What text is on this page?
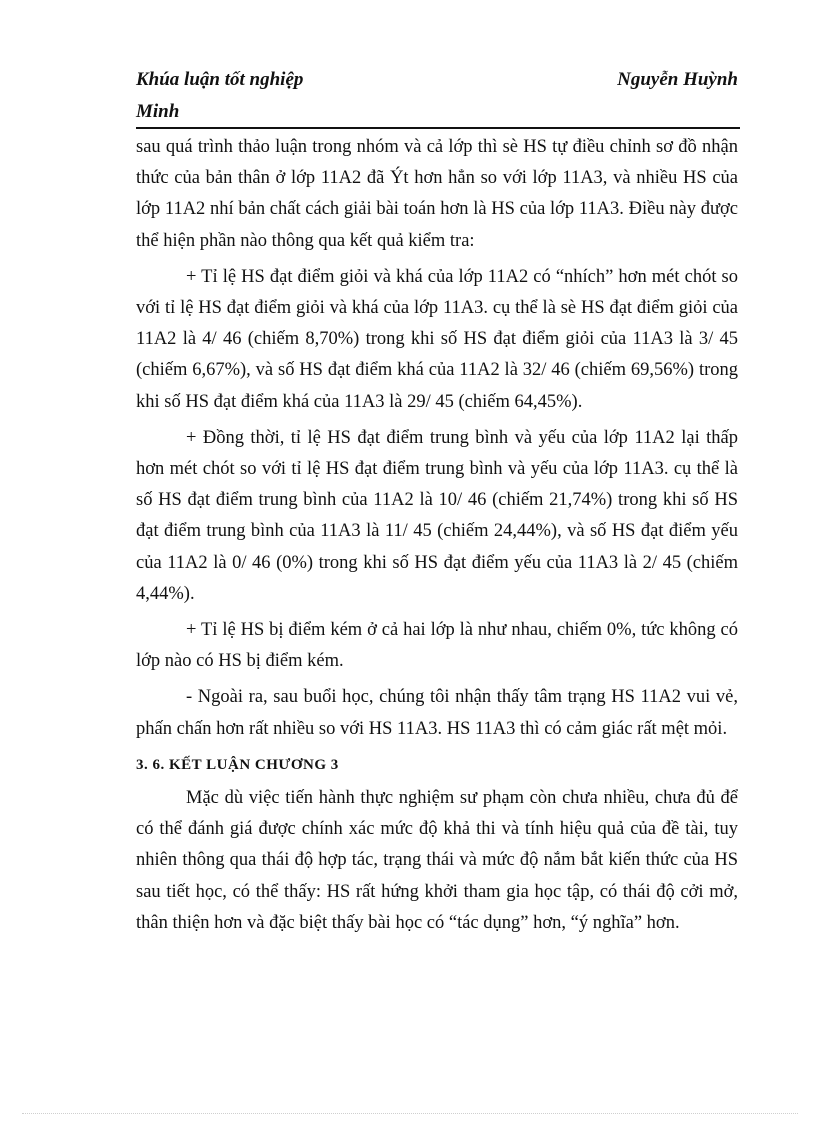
Khúa luận tốt nghiệp	Nguyễn Huỳnh
Minh

sau quá trình thảo luận trong nhóm và cả lớp thì sè HS tự điều chỉnh sơ đồ nhận thức của bản thân ở lớp 11A2 đã Ýt hơn hẳn so với lớp 11A3, và nhiều HS của lớp 11A2 nhí bản chất cách giải bài toán hơn là HS của lớp 11A3. Điều này được thể hiện phần nào thông qua kết quả kiểm tra:

+ Tỉ lệ HS đạt điểm giỏi và khá của lớp 11A2 có “nhích” hơn mét chót so với tỉ lệ HS đạt điểm giỏi và khá của lớp 11A3. cụ thể là sè HS đạt điểm giỏi của 11A2 là 4/ 46 (chiếm 8,70%) trong khi số HS đạt điểm giỏi của 11A3 là 3/ 45 (chiếm 6,67%), và số HS đạt điểm khá của 11A2 là 32/ 46 (chiếm 69,56%) trong khi số HS đạt điểm khá của 11A3 là 29/ 45 (chiếm 64,45%).

+ Đồng thời, tỉ lệ HS đạt điểm trung bình và yếu của lớp 11A2 lại thấp hơn mét chót so với tỉ lệ HS đạt điểm trung bình và yếu của lớp 11A3. cụ thể là số HS đạt điểm trung bình của 11A2 là 10/ 46 (chiếm 21,74%) trong khi số HS đạt điểm trung bình của 11A3 là 11/ 45 (chiếm 24,44%), và số HS đạt điểm yếu của 11A2 là 0/ 46 (0%) trong khi số HS đạt điểm yếu của 11A3 là 2/ 45 (chiếm 4,44%).

+ Tỉ lệ HS bị điểm kém ở cả hai lớp là như nhau, chiếm 0%, tức không có lớp nào có HS bị điểm kém.

- Ngoài ra, sau buổi học, chúng tôi nhận thấy tâm trạng HS 11A2 vui vẻ, phấn chấn hơn rất nhiều so với HS 11A3. HS 11A3 thì có cảm giác rất mệt mỏi.

3. 6. KẾT LUẬN CHƯƠNG 3

Mặc dù việc tiến hành thực nghiệm sư phạm còn chưa nhiều, chưa đủ để có thể đánh giá được chính xác mức độ khả thi và tính hiệu quả của đề tài, tuy nhiên thông qua thái độ hợp tác, trạng thái và mức độ nắm bắt kiến thức của HS sau tiết học, có thể thấy: HS rất hứng khởi tham gia học tập, có thái độ cởi mở, thân thiện hơn và đặc biệt thấy bài học có “tác dụng” hơn, “ý nghĩa” hơn.
